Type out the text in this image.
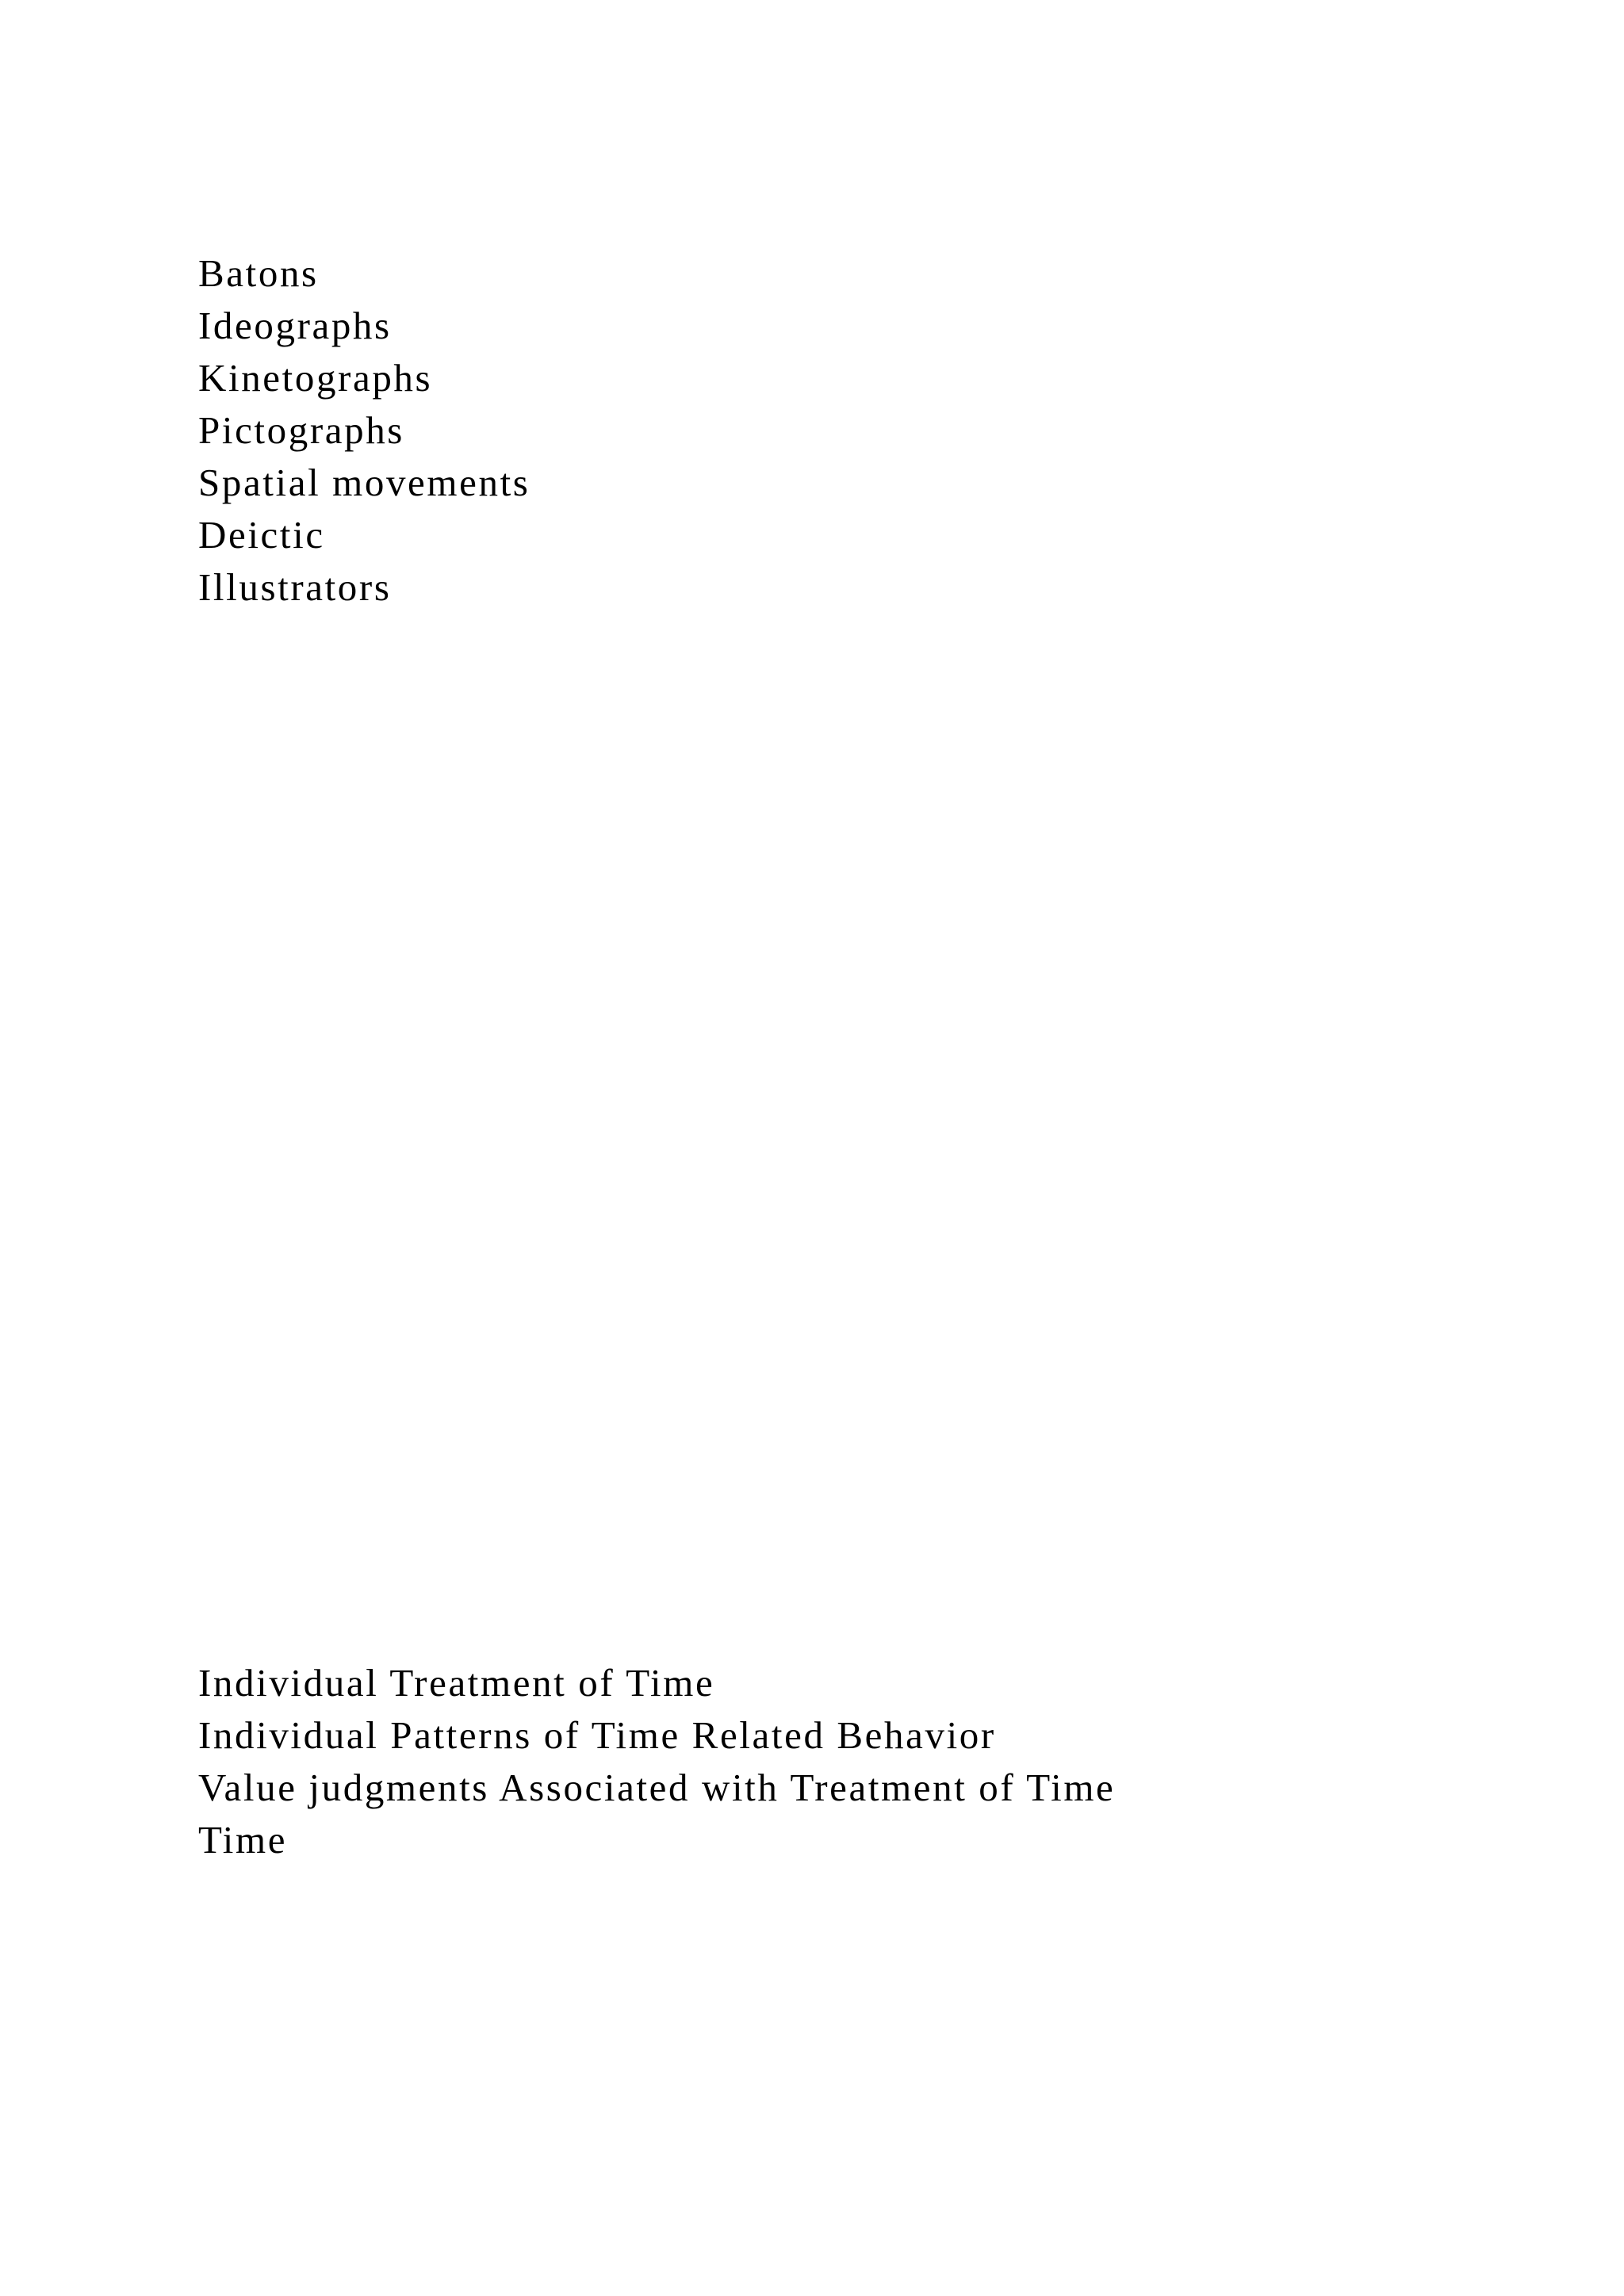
Batons
Ideographs
Kinetographs
Pictographs
Spatial movements
Deictic
Illustrators
Individual Treatment of Time
Individual Patterns of Time Related Behavior
Value judgments Associated with Treatment of Time
Time
